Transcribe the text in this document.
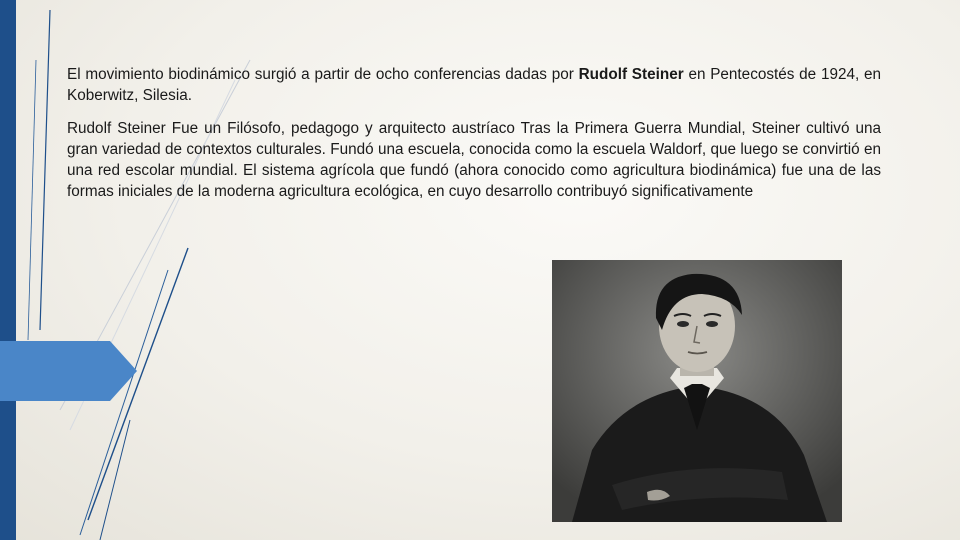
El movimiento biodinámico surgió a partir de ocho conferencias dadas por Rudolf Steiner en Pentecostés de 1924, en Koberwitz, Silesia.

Rudolf Steiner Fue un Filósofo, pedagogo y arquitecto austríaco Tras la Primera Guerra Mundial, Steiner cultivó una gran variedad de contextos culturales. Fundó una escuela, conocida como la escuela Waldorf, que luego se convirtió en una red escolar mundial. El sistema agrícola que fundó (ahora conocido como agricultura biodinámica) fue una de las formas iniciales de la moderna agricultura ecológica, en cuyo desarrollo contribuyó significativamente
